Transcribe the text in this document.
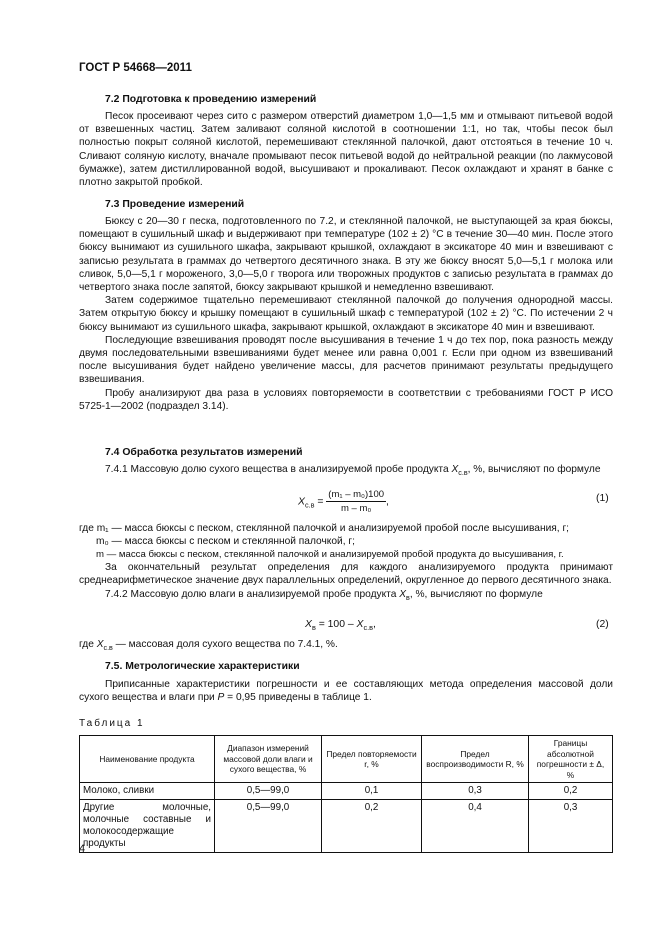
ГОСТ Р 54668—2011
7.2 Подготовка к проведению измерений

Песок просеивают через сито с размером отверстий диаметром 1,0—1,5 мм и отмывают питьевой водой от взвешенных частиц. Затем заливают соляной кислотой в соотношении 1:1, но так, чтобы песок был полностью покрыт соляной кислотой, перемешивают стеклянной палочкой, дают отстояться в течение 10 ч. Сливают соляную кислоту, вначале промывают песок питьевой водой до нейтральной реакции (по лакмусовой бумажке), затем дистиллированной водой, высушивают и прокаливают. Песок охлаждают и хранят в банке с плотно закрытой пробкой.

7.3 Проведение измерений

Бюксу с 20—30 г песка, подготовленного по 7.2, и стеклянной палочкой, не выступающей за края бюксы, помещают в сушильный шкаф и выдерживают при температуре (102 ± 2) °С в течение 30—40 мин. После этого бюксу вынимают из сушильного шкафа, закрывают крышкой, охлаждают в эксикаторе 40 мин и взвешивают с записью результата в граммах до четвертого десятичного знака. В эту же бюксу вносят 5,0—5,1 г молока или сливок, 5,0—5,1 г мороженого, 3,0—5,0 г творога или творожных продуктов с записью результата в граммах до четвертого знака после запятой, бюксу закрывают крышкой и немедленно взвешивают.

Затем содержимое тщательно перемешивают стеклянной палочкой до получения однородной массы. Затем открытую бюксу и крышку помещают в сушильный шкаф с температурой (102 ± 2) °С. По истечении 2 ч бюксу вынимают из сушильного шкафа, закрывают крышкой, охлаждают в эксикаторе 40 мин и взвешивают.

Последующие взвешивания проводят после высушивания в течение 1 ч до тех пор, пока разность между двумя последовательными взвешиваниями будет менее или равна 0,001 г. Если при одном из взвешиваний после высушивания будет найдено увеличение массы, для расчетов принимают результаты предыдущего взвешивания.

Пробу анализируют два раза в условиях повторяемости в соответствии с требованиями ГОСТ Р ИСО 5725-1—2002 (подраздел 3.14).

7.4 Обработка результатов измерений

7.4.1 Массовую долю сухого вещества в анализируемой пробе продукта $X_{с.в}$, %, вычисляют по формуле

$X_{с.в} = \frac{\text{(m₁ – m₀)100}}{\text{m – m₀}}$ ,	(1)
где m₁ — масса бюксы с песком, стеклянной палочкой и анализируемой пробой после высушивания, г;
m₀ — масса бюксы с песком и стеклянной палочкой, г;
m — масса бюксы с песком, стеклянной палочкой и анализируемой пробой продукта до высушивания, г.

За окончательный результат определения для каждого анализируемого продукта принимают среднеарифметическое значение двух параллельных определений, округленное до первого десятичного знака.

7.4.2 Массовую долю влаги в анализируемой пробе продукта $X_в$, %, вычисляют по формуле

$X_в = 100 - X_{с.в}$,	(2)
где $X_{с.в}$ — массовая доля сухого вещества по 7.4.1, %.
7.5. Метрологические характеристики

Приписанные характеристики погрешности и ее составляющих метода определения массовой доли сухого вещества и влаги при P = 0,95 приведены в таблице 1.

Таблица 1
Наименование продукта	Диапазон измерений массовой доли влаги и сухого вещества, %	Предел повторяемости r, %	Предел воспроизводимости R, %	Границы абсолютной погрешности ± Δ, %
Молоко, сливки	0,5—99,0	0,1	0,3	0,2
Другие молочные, молочные составные и молокосодержащие продукты	0,5—99,0	0,2	0,4	0,3
4
